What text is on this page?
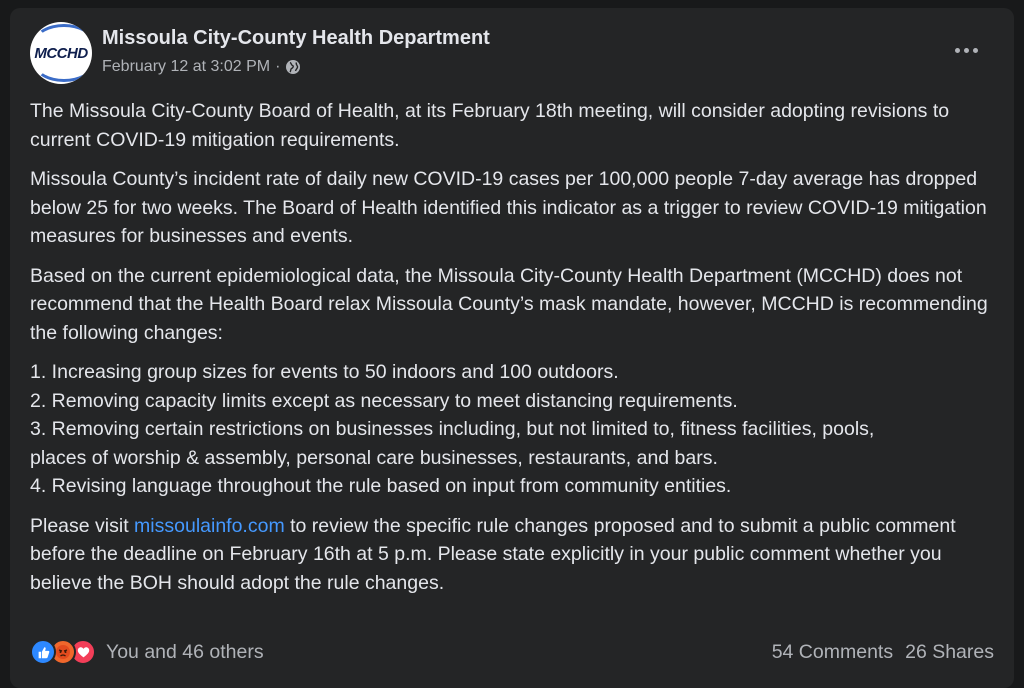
MCCHD
Missoula City-County Health Department
February 12 at 3:02 PM ·

The Missoula City-County Board of Health, at its February 18th meeting, will consider adopting revisions to current COVID-19 mitigation requirements.

Missoula County’s incident rate of daily new COVID-19 cases per 100,000 people 7-day average has dropped below 25 for two weeks. The Board of Health identified this indicator as a trigger to review COVID-19 mitigation measures for businesses and events.

Based on the current epidemiological data, the Missoula City-County Health Department (MCCHD) does not recommend that the Health Board relax Missoula County’s mask mandate, however, MCCHD is recommending the following changes:

1. Increasing group sizes for events to 50 indoors and 100 outdoors.

2. Removing capacity limits except as necessary to meet distancing requirements.

3. Removing certain restrictions on businesses including, but not limited to, fitness facilities, pools, places of worship & assembly, personal care businesses, restaurants, and bars.

4. Revising language throughout the rule based on input from community entities.

Please visit missoulainfo.com to review the specific rule changes proposed and to submit a public comment before the deadline on February 16th at 5 p.m. Please state explicitly in your public comment whether you believe the BOH should adopt the rule changes.

You and 46 others	54 Comments 26 Shares
